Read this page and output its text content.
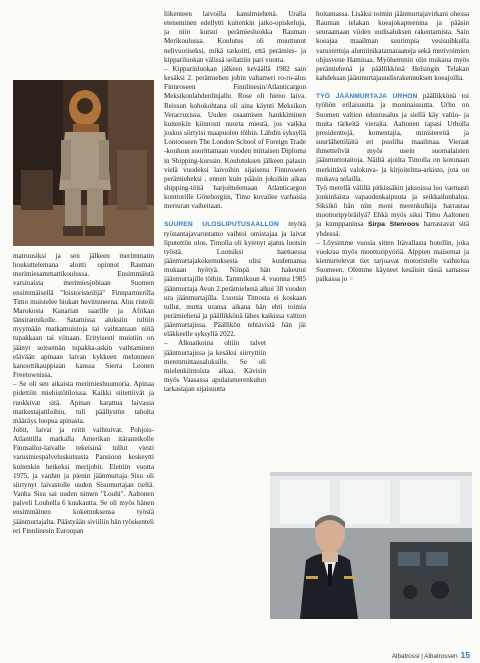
matruusiksi ja sen jälkeen merimmatin houkuttelemana aloitti opinnot Rauman merimiesammattikoulussa. Ensimmäistä varsinaista merimiesjobiaan Suomen ensimmäisellä "loistoristeilijä" Finnpartnerilla Timo muistelee hiukan huvittuneena. Alus risteili Marokosta Kanarian saarille ja Afrikan länsirannikolle. Satamissa aluksiin tultiin myymään matkamuistoja tai vaihtamaan niitä tupakkaan tai viinaan. Erityisesti muistiin on jäänyt seitsemän tupakka-askin vaihtaminen elävään apinaan laivan kykkeen melonneen kanoottikauppiaan kanssa Sierra Leonen Freetownissa.

– Se oli sen aikaista merimieshuumoria. Apinaa pidettiin miehistötiloissa. Kaikki siitettiivät ja ruokkivat sitä. Apinan karattua laivassa matkustajatiloihin, tuli päällystön taholta määräys luopua apinasta.

Jobit, laivat ja reitit vaihtuivat. Pohjois-Atlanttilla matkalla Amerikan itärannikolle Finnsailor-laivalle tekeisinä tullut viesti varusmiespalveluskutsusta Pansioon keskeytti kuitenkin hetkeksi merijobit. Elettiin vuotta 1975, ja vanhin ja pienin jäänmurtaja Sisu oli siirtynyt laivastolle uuden Sisumurtajan tieltä. Vanha Sisu sai uuden nimen "Louhi". Aaltonen palveli Louhella 6 kuukautta. Se oli myös hänen ensimmäinen kokemuksensa työstä jäänmurtajalta. Päästyään siviiliin hän työskenteli eri Finnlinesin Euroopan

liikenteen laivoilla kansimiehenä. Uralla eteneminen edellytti kuitenkin jatko-opiskeluja, ja niin kutsui perämiesluokka Rauman Merikoulussa. Koulutus oli muuttunut nelivuotiseksi, mikä tarkoitti, että perämies- ja kippariluokan välissä seilattiin pari vuotta.

– Kipparinluokan jälkeen keväällä 1982 sain kesäksi 2. perämiehen jobin valtameri ro-ro-alus Finnroseen Finnlinesin/Atlanticargon Meksikonlahdenlinjalle. Rose oli hieno laiva. Reissun kohokohtana oli aina käynti Meksikon Veracruzissa. Uuden osaamisen hankkiminen kuitenkin kiinnosti nuorta miestä, jos vaikka joskus siirtyisi maapuolen töihin. Lähdin syksyllä Lontooseen The London School of Foreign Trade -kouluun suorittamaan vuoden mittaisen Diploma in Shipping-kurssin. Koulutuksen jälkeen palasin vielä vuodeksi laivoihin sijaisena Finnroseen perämieheksi , ennen kuin pääsin joksikin aikaa shipping-töitä harjoittelemaan Atlanticargon konttorille Göteborgiin, Timo kuvailee varhaisia meriuran vaiheitaan.

SUUREN ULOSLIPUTUSAALLON myötä työnantajavarustamo vaihtoi omistajaa ja laivat liputettiin ulos. Timolla oli kytenyt ajatus luotsin työstä. Luotsiksi haettaessa jäänmurtajakokemuksesta olisi kuulemansa mukaan hyötyä. Niinpä hän hakeutui jäänmurtajille töihin. Tammikuun 4. vuonna 1985 jäänmurtaja Avun 2.perämiehenä alkoi 38 vuoden ura jäänmurtajilla. Luotsia Timosta ei koskaan tullut, mutta uransa aikana hän ehti toimia perämiehenä ja päällikkönä lähes kaikissa valtion jäänmurtajissa. Päällikön tehtävistä hän jäi eläkkeelle syksyllä 2022.

– Alkuaikoina oltiin talvet jäänmurtajissa ja kesäksi siirryttiin merenmittausaluksille. Se oli mielenkiintoista aikaa. Kävisin myös Vaasassa apulaismerenkulun tarkastajan sijaisuutta

hoitamassa. Lisäksi toimin jäänmurtajavirkani ohessa Rauman telakan koeajokapteenina ja pääsin seuraamaan viiden uudisaluksen rakentamista. Sain koeajaa maailman suurimpia vesisuihkulla varustettuja alumiinikatamaraaneja sekä merivoimien ohjusvene Haminaa. Myöhemmin olin mukana myös perämiehenä ja päällikkönä Helsingin Telakan kahdeksan jäänmurtajauudisrakennuksen koeajoilla.

TYÖ JÄÄNMURTAJA URHON päällikkönä toi työhön erilaisuutta ja moninaisuutta. Urho on Suomen valtion edustusalus ja siellä käy valtio- ja muita tärkeitä vieraita. Aaltonen tapasi Urholla presidenttejä, komentajia, ministereitä ja suurlähettiläitä eri puolilta maailmaa. Vieraat ihmettelivät myös usein suomalaisten jäänmurtotaitoja. Näiltä ajoilta Timolla on kotonaan merkittävä valokuva- ja kirjoitelma-arkisto, jota on mukava selailla.

Työ merellä välillä pitkissäkin jaksoissa luo varmasti jonkinlaista vapaudenkaipuuta ja seikkailunhalua. Siksikö hän niin moni merenkulkija harrastaa moottoripyöräilyä? Ehkä myös siksi Timo Aaltonen ja kumppaninsa Sirpa Stenroos harrastavat sitä yhdessä.

– Löysimme vuosia sitten Itävallasta hotellin, joka vuokraa myös moottoripyöriä. Alppien maisemat ja kiemurtelevat tiet tarjoavat motoristelle vaihtelua Suomeen. Olemme käyneet kesäisin tässä samassa paikassa jo >

Albatrossi | Albatrossen 15
